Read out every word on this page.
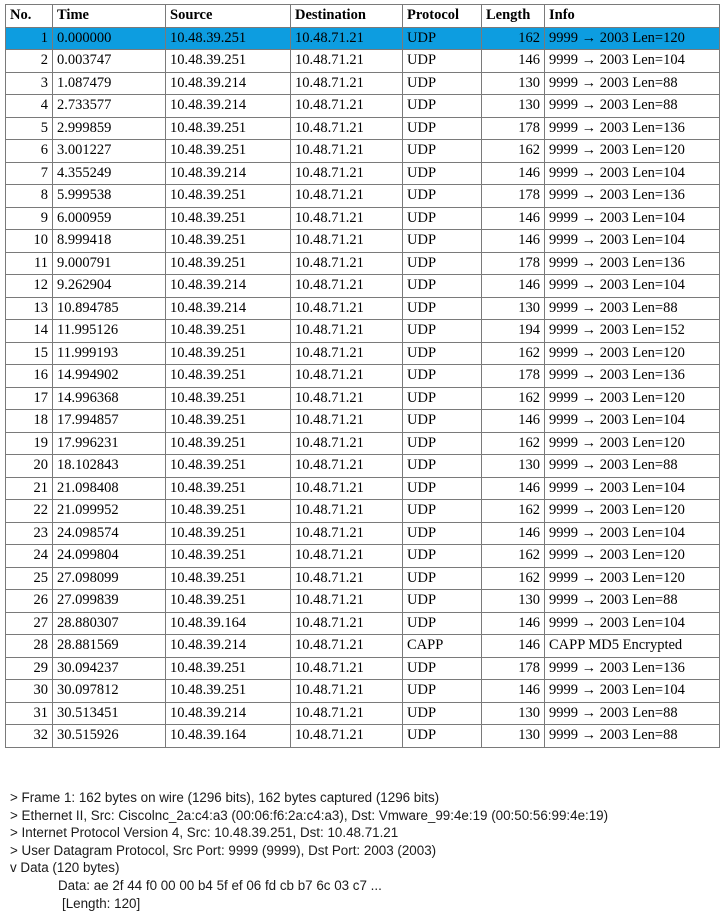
No.	Time	Source	Destination	Protocol	Length	Info
1	0.000000	10.48.39.251	10.48.71.21	UDP	162	9999 → 2003 Len=120
2	0.003747	10.48.39.251	10.48.71.21	UDP	146	9999 → 2003 Len=104
3	1.087479	10.48.39.214	10.48.71.21	UDP	130	9999 → 2003 Len=88
4	2.733577	10.48.39.214	10.48.71.21	UDP	130	9999 → 2003 Len=88
5	2.999859	10.48.39.251	10.48.71.21	UDP	178	9999 → 2003 Len=136
6	3.001227	10.48.39.251	10.48.71.21	UDP	162	9999 → 2003 Len=120
7	4.355249	10.48.39.214	10.48.71.21	UDP	146	9999 → 2003 Len=104
8	5.999538	10.48.39.251	10.48.71.21	UDP	178	9999 → 2003 Len=136
9	6.000959	10.48.39.251	10.48.71.21	UDP	146	9999 → 2003 Len=104
10	8.999418	10.48.39.251	10.48.71.21	UDP	146	9999 → 2003 Len=104
11	9.000791	10.48.39.251	10.48.71.21	UDP	178	9999 → 2003 Len=136
12	9.262904	10.48.39.214	10.48.71.21	UDP	146	9999 → 2003 Len=104
13	10.894785	10.48.39.214	10.48.71.21	UDP	130	9999 → 2003 Len=88
14	11.995126	10.48.39.251	10.48.71.21	UDP	194	9999 → 2003 Len=152
15	11.999193	10.48.39.251	10.48.71.21	UDP	162	9999 → 2003 Len=120
16	14.994902	10.48.39.251	10.48.71.21	UDP	178	9999 → 2003 Len=136
17	14.996368	10.48.39.251	10.48.71.21	UDP	162	9999 → 2003 Len=120
18	17.994857	10.48.39.251	10.48.71.21	UDP	146	9999 → 2003 Len=104
19	17.996231	10.48.39.251	10.48.71.21	UDP	162	9999 → 2003 Len=120
20	18.102843	10.48.39.251	10.48.71.21	UDP	130	9999 → 2003 Len=88
21	21.098408	10.48.39.251	10.48.71.21	UDP	146	9999 → 2003 Len=104
22	21.099952	10.48.39.251	10.48.71.21	UDP	162	9999 → 2003 Len=120
23	24.098574	10.48.39.251	10.48.71.21	UDP	146	9999 → 2003 Len=104
24	24.099804	10.48.39.251	10.48.71.21	UDP	162	9999 → 2003 Len=120
25	27.098099	10.48.39.251	10.48.71.21	UDP	162	9999 → 2003 Len=120
26	27.099839	10.48.39.251	10.48.71.21	UDP	130	9999 → 2003 Len=88
27	28.880307	10.48.39.164	10.48.71.21	UDP	146	9999 → 2003 Len=104
28	28.881569	10.48.39.214	10.48.71.21	CAPP	146	CAPP MD5 Encrypted
29	30.094237	10.48.39.251	10.48.71.21	UDP	178	9999 → 2003 Len=136
30	30.097812	10.48.39.251	10.48.71.21	UDP	146	9999 → 2003 Len=104
31	30.513451	10.48.39.214	10.48.71.21	UDP	130	9999 → 2003 Len=88
32	30.515926	10.48.39.164	10.48.71.21	UDP	130	9999 → 2003 Len=88
> Frame 1: 162 bytes on wire (1296 bits), 162 bytes captured (1296 bits)
> Ethernet II, Src: Ciscolnc_2a:c4:a3 (00:06:f6:2a:c4:a3), Dst: Vmware_99:4e:19 (00:50:56:99:4e:19)
> Internet Protocol Version 4, Src: 10.48.39.251, Dst: 10.48.71.21
> User Datagram Protocol, Src Port: 9999 (9999), Dst Port: 2003 (2003)
v Data (120 bytes)
Data: ae 2f 44 f0 00 00 b4 5f ef 06 fd cb b7 6c 03 c7 ...
[Length: 120]
